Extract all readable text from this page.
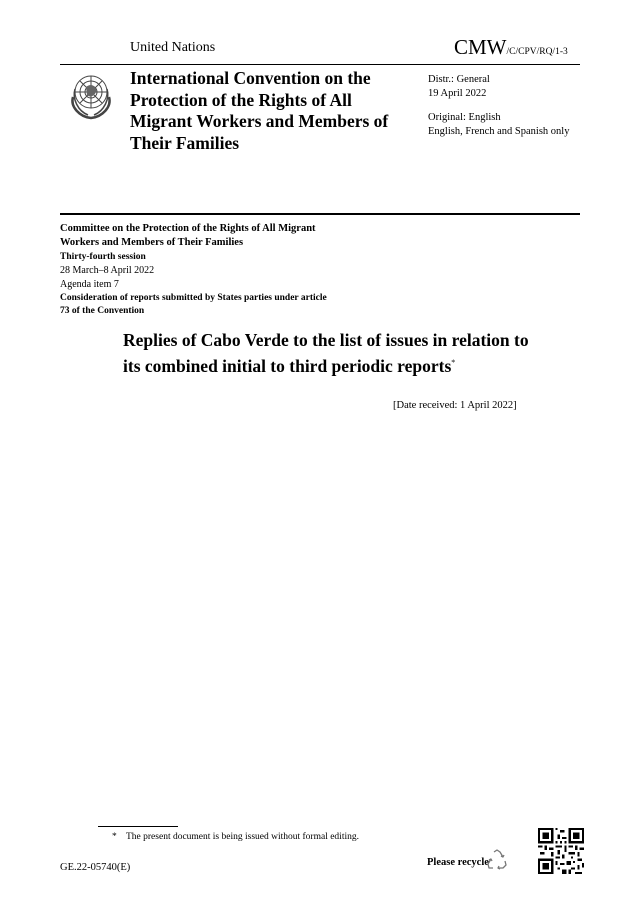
United Nations	CMW/C/CPV/RQ/1-3
International Convention on the Protection of the Rights of All Migrant Workers and Members of Their Families
Distr.: General
19 April 2022
Original: English
English, French and Spanish only
Committee on the Protection of the Rights of All Migrant Workers and Members of Their Families
Thirty-fourth session
28 March–8 April 2022
Agenda item 7
Consideration of reports submitted by States parties under article 73 of the Convention
Replies of Cabo Verde to the list of issues in relation to its combined initial to third periodic reports*
[Date received: 1 April 2022]
* The present document is being issued without formal editing.
GE.22-05740(E)	Please recycle
